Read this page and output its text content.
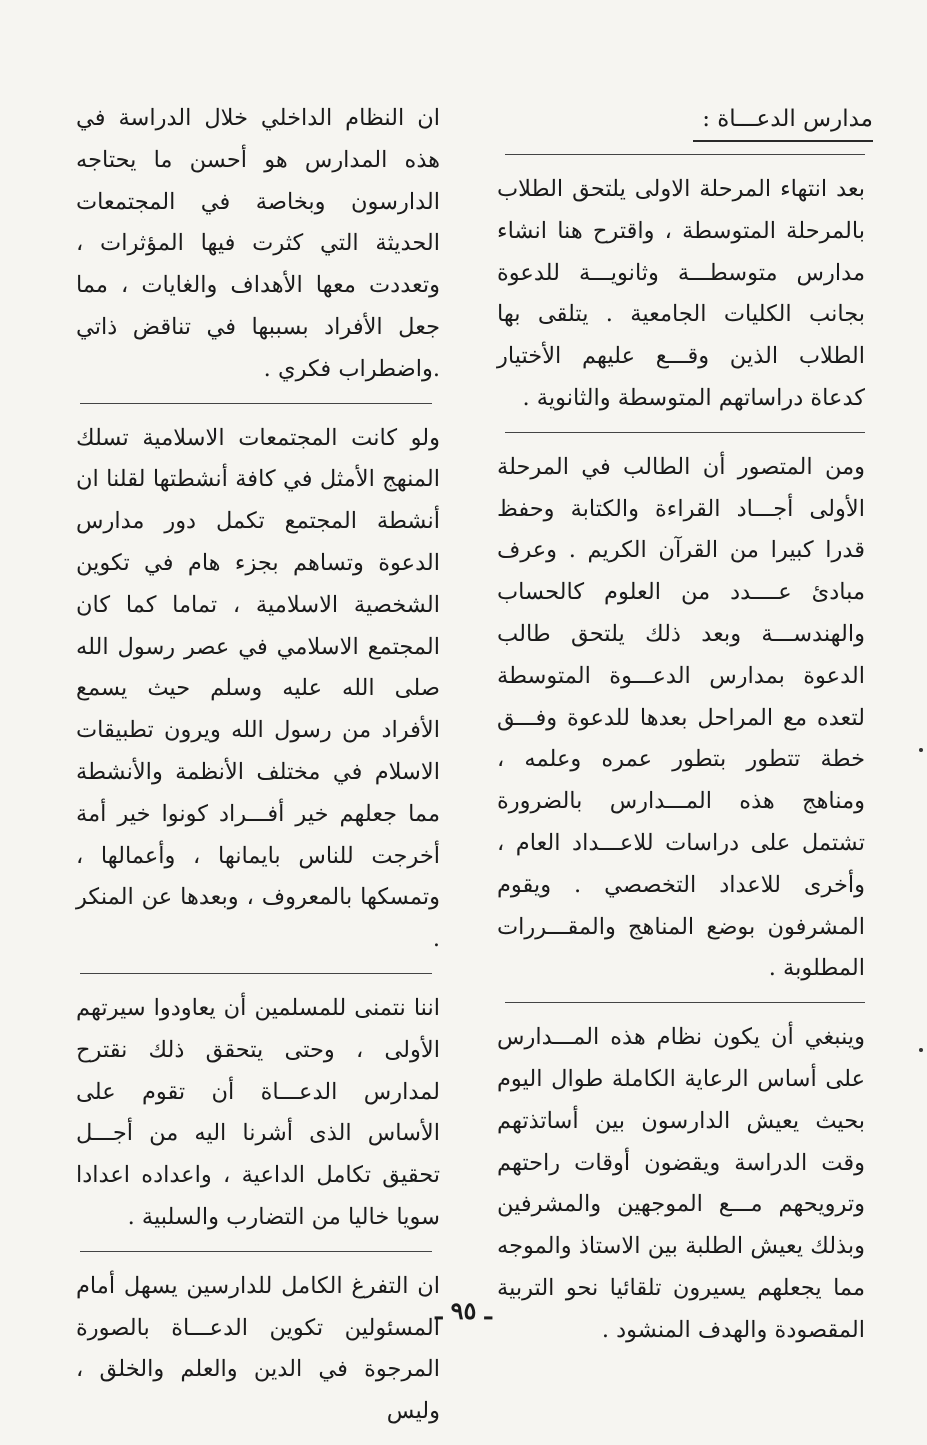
مدارس الدعـــاة :

بعد انتهاء المرحلة الاولى يلتحق الطلاب بالمرحلة المتوسطة ، واقترح هنا انشاء مدارس متوسطـــة وثانويـــة للدعوة بجانب الكليات الجامعية . يتلقى بها الطلاب الذين وقـــع عليهم الأختيار كدعاة دراساتهم المتوسطة والثانوية .

ومن المتصور أن الطالب في المرحلة الأولى أجـــاد القراءة والكتابة وحفظ قدرا كبيرا من القرآن الكريم . وعرف مبادئ عــــدد من العلوم كالحساب والهندســـة وبعد ذلك يلتحق طالب الدعوة بمدارس الدعـــوة المتوسطة لتعده مع المراحل بعدها للدعوة وفـــق خطة تتطور بتطور عمره وعلمه ، ومناهج هذه المـــدارس بالضرورة تشتمل على دراسات للاعـــداد العام ، وأخرى للاعداد التخصصي . ويقوم المشرفون بوضع المناهج والمقـــررات المطلوبة .

وينبغي أن يكون نظام هذه المـــدارس على أساس الرعاية الكاملة طوال اليوم بحيث يعيش الدارسون بين أساتذتهم وقت الدراسة ويقضون أوقات راحتهم وترويحهم مـــع الموجهين والمشرفين وبذلك يعيش الطلبة بين الاستاذ والموجه مما يجعلهم يسيرون تلقائيا نحو التربية المقصودة والهدف المنشود .

ان النظام الداخلي خلال الدراسة في هذه المدارس هو أحسن ما يحتاجه الدارسون وبخاصة في المجتمعات الحديثة التي كثرت فيها المؤثرات ، وتعددت معها الأهداف والغايات ، مما جعل الأفراد بسببها في تناقض ذاتي .واضطراب فكري .

ولو كانت المجتمعات الاسلامية تسلك المنهج الأمثل في كافة أنشطتها لقلنا ان أنشطة المجتمع تكمل دور مدارس الدعوة وتساهم بجزء هام في تكوين الشخصية الاسلامية ، تماما كما كان المجتمع الاسلامي في عصر رسول الله صلى الله عليه وسلم حيث يسمع الأفراد من رسول الله ويرون تطبيقات الاسلام في مختلف الأنظمة والأنشطة مما جعلهم خير أفـــراد كونوا خير أمة أخرجت للناس بايمانها ، وأعمالها ، وتمسكها بالمعروف ، وبعدها عن المنكر .

اننا نتمنى للمسلمين أن يعاودوا سيرتهم الأولى ، وحتى يتحقق ذلك نقترح لمدارس الدعـــاة أن تقوم على الأساس الذى أشرنا اليه من أجـــل تحقيق تكامل الداعية ، واعداده اعدادا سويا خاليا من التضارب والسلبية .

ان التفرغ الكامل للدارسين يسهل أمام المسئولين تكوين الدعـــاة بالصورة المرجوة في الدين والعلم والخلق ، وليس

ـ ٩٥ ـ
